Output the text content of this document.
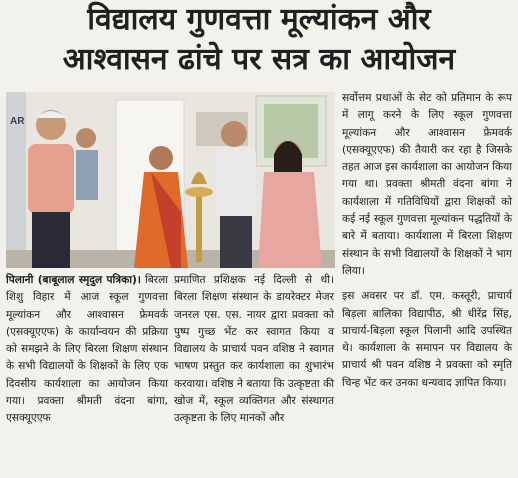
विद्यालय गुणवत्ता मूल्यांकन और
आश्वासन ढांचे पर सत्र का आयोजन
AR

सर्वोत्तम प्रथाओं के सेट को प्रतिमान के रूप में लागू करने के लिए स्कूल गुणवत्ता मूल्यांकन और आश्वासन फ्रेमवर्क (एसक्यूएएफ) की तैयारी कर रहा है जिसके तहत आज इस कार्यशाला का आयोजन किया गया था। प्रवक्ता श्रीमती वंदना बांगा ने कार्यशाला में गतिविधियों द्वारा शिक्षकों को कई नई स्कूल गुणवत्ता मूल्यांकन पद्धतियों के बारे में बताया। कार्यशाला में बिरला शिक्षण संस्थान के सभी विद्यालयों के शिक्षकों ने भाग लिया।

इस अवसर पर डॉ. एम. कस्तूरी, प्राचार्य बिड़ला बालिका विद्यापीठ, श्री धीरेंद्र सिंह, प्राचार्य-बिड़ला स्कूल पिलानी आदि उपस्थित थे। कार्यशाला के समापन पर विद्यालय के प्राचार्य श्री पवन वशिष्ठ ने प्रवक्ता को स्मृति चिन्ह भेंट कर उनका धन्यवाद ज्ञापित किया।

पिलानी (बाबूलाल स्मृदुल पत्रिका)। बिरला शिशु विहार में आज स्कूल गुणवत्ता मूल्यांकन और आश्वासन फ्रेमवर्क (एसक्यूएएफ) के कार्यान्वयन की प्रक्रिया को समझने के लिए बिरला शिक्षण संस्थान के सभी विद्यालयों के शिक्षकों के लिए एक दिवसीय कार्यशाला का आयोजन किया गया। प्रवक्ता श्रीमती वंदना बांगा, एसक्यूएएफ

प्रमाणित प्रशिक्षक नई दिल्ली से थी। बिरला शिक्षण संस्थान के डायरेक्टर मेजर जनरल एस. एस. नायर द्वारा प्रवक्ता को पुष्प गुच्छ भेंट कर स्वागत किया व विद्यालय के प्राचार्य पवन वशिष्ठ ने स्वागत भाषण प्रस्तुत कर कार्यशाला का शुभारंभ करवाया। वशिष्ठ ने बताया कि उत्कृष्टता की खोज में, स्कूल व्यक्तिगत और संस्थागत उत्कृष्टता के लिए मानकों और
